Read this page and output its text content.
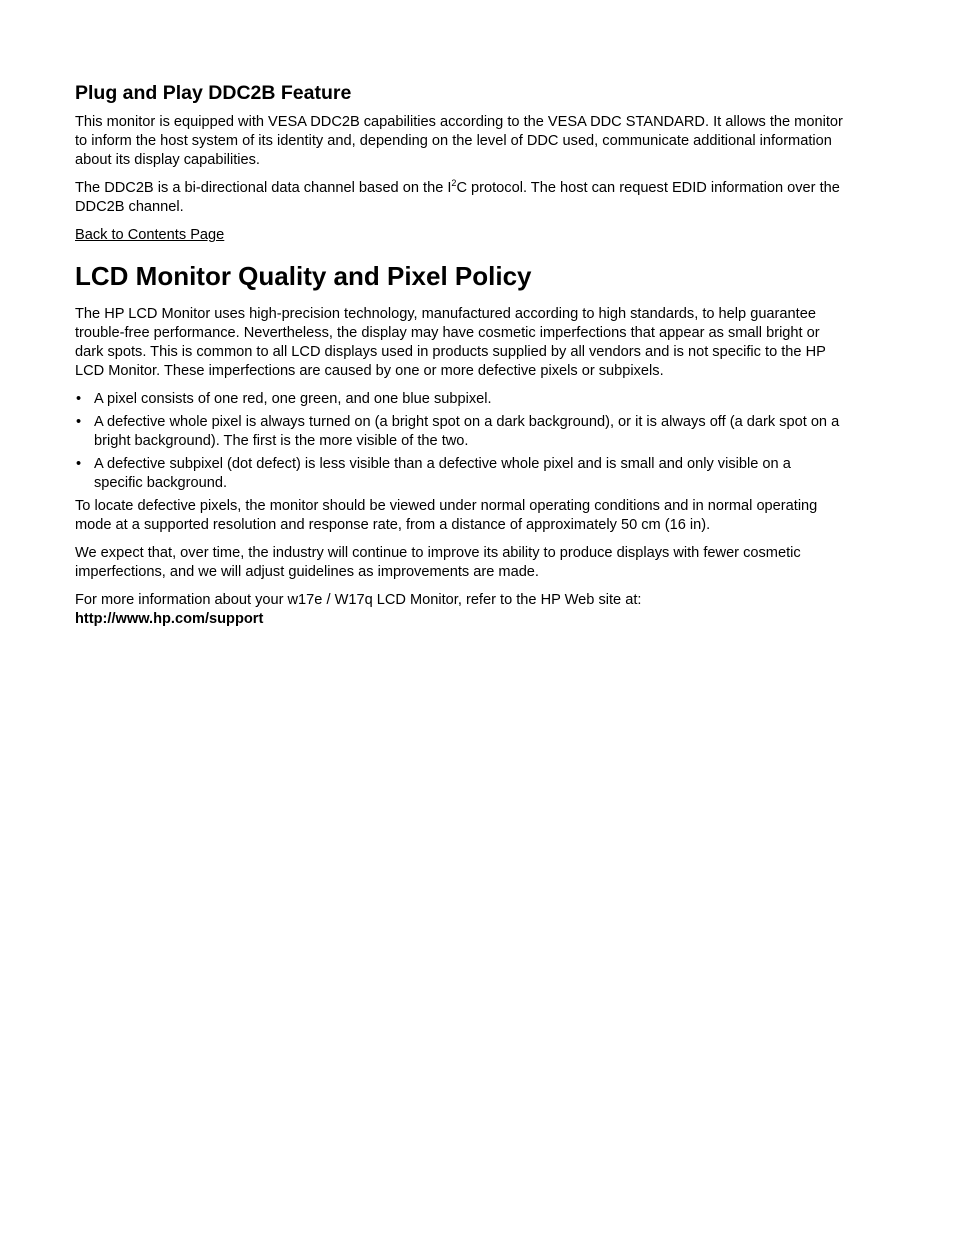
Plug and Play DDC2B Feature

This monitor is equipped with VESA DDC2B capabilities according to the VESA DDC STANDARD. It allows the monitor to inform the host system of its identity and, depending on the level of DDC used, communicate additional information about its display capabilities.

The DDC2B is a bi-directional data channel based on the $I^2C$ protocol. The host can request EDID information over the DDC2B channel.

Back to Contents Page
LCD Monitor Quality and Pixel Policy

The HP LCD Monitor uses high-precision technology, manufactured according to high standards, to help guarantee trouble-free performance. Nevertheless, the display may have cosmetic imperfections that appear as small bright or dark spots. This is common to all LCD displays used in products supplied by all vendors and is not specific to the HP LCD Monitor. These imperfections are caused by one or more defective pixels or subpixels.

• A pixel consists of one red, one green, and one blue subpixel.
• A defective whole pixel is always turned on (a bright spot on a dark background), or it is always off (a dark spot on a bright background). The first is the more visible of the two.
• A defective subpixel (dot defect) is less visible than a defective whole pixel and is small and only visible on a specific background.

To locate defective pixels, the monitor should be viewed under normal operating conditions and in normal operating mode at a supported resolution and response rate, from a distance of approximately 50 cm (16 in).

We expect that, over time, the industry will continue to improve its ability to produce displays with fewer cosmetic imperfections, and we will adjust guidelines as improvements are made.

For more information about your w17e / W17q LCD Monitor, refer to the HP Web site at:
http://www.hp.com/support
